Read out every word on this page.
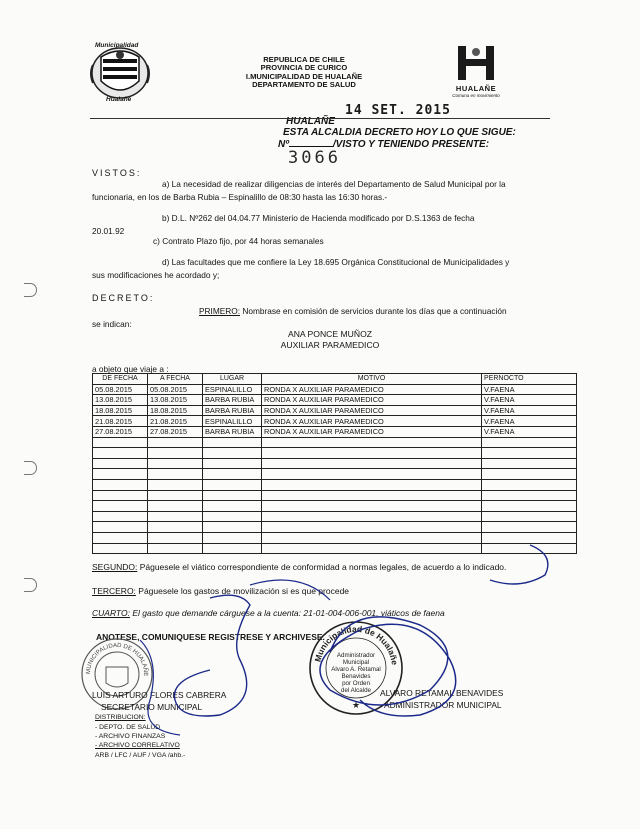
Municipalidad
Hualañe
REPUBLICA DE CHILE
PROVINCIA DE CURICO
I.MUNICIPALIDAD DE HUALAÑE
DEPARTAMENTO DE SALUD	HUALAÑE
Comuna en movimiento
14 SET. 2015
HUALAÑE
ESTA ALCALDIA DECRETO HOY LO QUE SIGUE:
Nº	/VISTO Y TENIENDO PRESENTE:
3066
VISTOS:
a) La necesidad de realizar diligencias de interés del Departamento de Salud Municipal por la
funcionaria, en los de Barba Rubia – Espinalillo de 08:30 hasta las 16:30 horas.-
b) D.L. Nº262 del 04.04.77 Ministerio de Hacienda modificado por D.S.1363 de fecha
20.01.92
c) Contrato Plazo fijo, por 44 horas semanales
d) Las facultades que me confiere la Ley 18.695 Orgánica Constitucional de Municipalidades y
sus modificaciones he acordado y;
DECRETO:
PRIMERO: Nombrase en comisión de servicios durante los días que a continuación
se indican:
ANA PONCE MUÑOZ
AUXILIAR PARAMEDICO
a objeto que viaje a :
DE FECHA	A FECHA	LUGAR	MOTIVO	PERNOCTO
05.08.2015	05.08.2015	ESPINALILLO	RONDA X AUXILIAR PARAMEDICO	V.FAENA
13.08.2015	13.08.2015	BARBA RUBIA	RONDA X AUXILIAR PARAMEDICO	V.FAENA
18.08.2015	18.08.2015	BARBA RUBIA	RONDA X AUXILIAR PARAMEDICO	V.FAENA
21.08.2015	21.08.2015	ESPINALILLO	RONDA X AUXILIAR PARAMEDICO	V.FAENA
27.08.2015	27.08.2015	BARBA RUBIA	RONDA X AUXILIAR PARAMEDICO	V.FAENA

SEGUNDO: Páguesele el viático correspondiente de conformidad a normas legales, de acuerdo a lo indicado.
TERCERO: Páguesele los gastos de movilización si es que procede
CUARTO: El gasto que demande cárguese a la cuenta: 21-01-004-006-001, viáticos de faena
ANOTESE, COMUNIQUESE REGISTRESE Y ARCHIVESE.
MUNICIPALIDAD DE HUALAÑE
Municipalidad de Hualañe
Administrador
Municipal
Alvaro A. Retamal
Benavides
por Orden
del Alcalde
★
LUIS ARTURO FLORES CABRERA
SECRETARIO MUNICIPAL
ALVARO RETAMAL BENAVIDES
ADMINISTRADOR MUNICIPAL
DISTRIBUCION:
- DEPTO. DE SALUD
- ARCHIVO FINANZAS
- ARCHIVO CORRELATIVO
ARB / LFC / AUF / VGA /ahb.-
